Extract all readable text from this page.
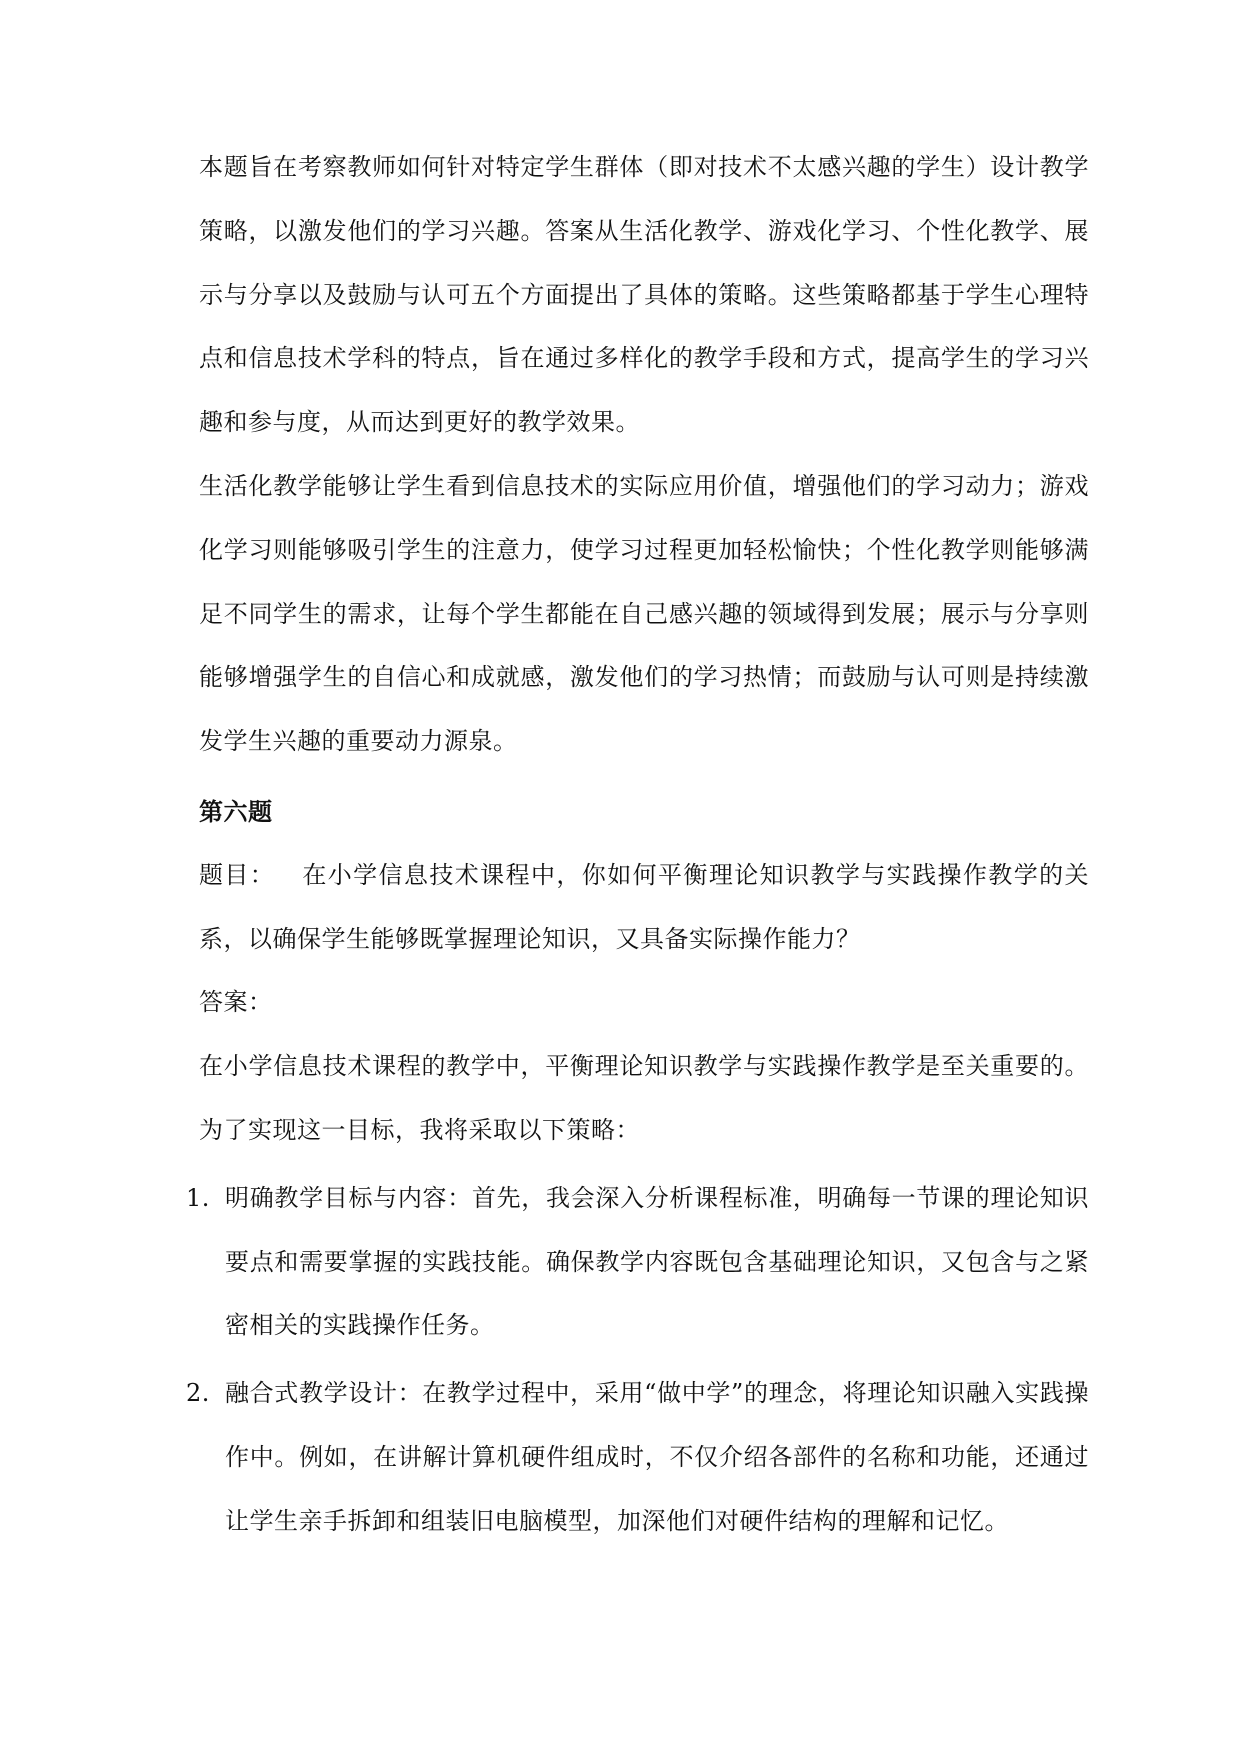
本题旨在考察教师如何针对特定学生群体（即对技术不太感兴趣的学生）设计教学策略，以激发他们的学习兴趣。答案从生活化教学、游戏化学习、个性化教学、展示与分享以及鼓励与认可五个方面提出了具体的策略。这些策略都基于学生心理特点和信息技术学科的特点，旨在通过多样化的教学手段和方式，提高学生的学习兴趣和参与度，从而达到更好的教学效果。

生活化教学能够让学生看到信息技术的实际应用价值，增强他们的学习动力；游戏化学习则能够吸引学生的注意力，使学习过程更加轻松愉快；个性化教学则能够满足不同学生的需求，让每个学生都能在自己感兴趣的领域得到发展；展示与分享则能够增强学生的自信心和成就感，激发他们的学习热情；而鼓励与认可则是持续激发学生兴趣的重要动力源泉。

第六题

题目： 在小学信息技术课程中，你如何平衡理论知识教学与实践操作教学的关系，以确保学生能够既掌握理论知识，又具备实际操作能力？

答案：

在小学信息技术课程的教学中，平衡理论知识教学与实践操作教学是至关重要的。为了实现这一目标，我将采取以下策略：

1. 明确教学目标与内容：首先，我会深入分析课程标准，明确每一节课的理论知识要点和需要掌握的实践技能。确保教学内容既包含基础理论知识，又包含与之紧密相关的实践操作任务。
2. 融合式教学设计：在教学过程中，采用“做中学”的理念，将理论知识融入实践操作中。例如，在讲解计算机硬件组成时，不仅介绍各部件的名称和功能，还通过让学生亲手拆卸和组装旧电脑模型，加深他们对硬件结构的理解和记忆。
